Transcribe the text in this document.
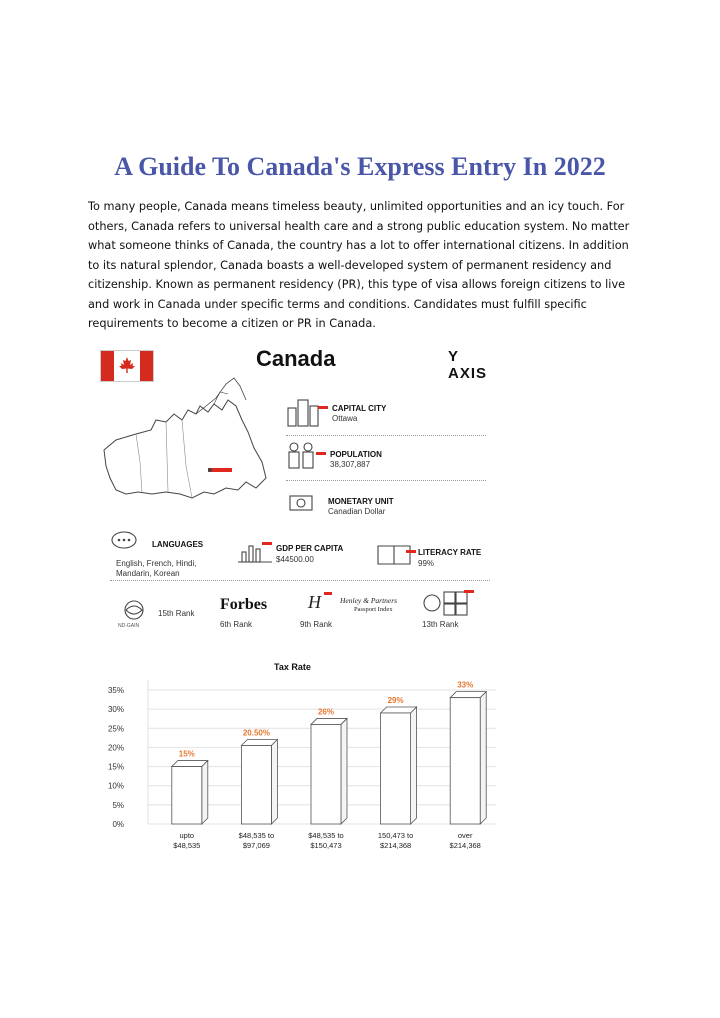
A Guide To Canada's Express Entry In 2022

To many people, Canada means timeless beauty, unlimited opportunities and an icy touch. For others, Canada refers to universal health care and a strong public education system. No matter what someone thinks of Canada, the country has a lot to offer international citizens. In addition to its natural splendor, Canada boasts a well-developed system of permanent residency and citizenship. Known as permanent residency (PR), this type of visa allows foreign citizens to live and work in Canada under specific terms and conditions. Candidates must fulfill specific requirements to become a citizen or PR in Canada.

Canada	Y AXIS
CAPITAL CITY
Ottawa
POPULATION
38,307,887
MONETARY UNIT
Canadian Dollar
LANGUAGES
English, French, Hindi,
Mandarin, Korean
GDP PER CAPITA
$44500.00
LITERACY RATE
99%
ND-GAIN
15th Rank
Forbes
6th Rank
H	Henley & Partners
Passport Index
9th Rank	13th Rank
Tax Rate
0%
5%
10%
15%
20%
25%
30%
35%
15%
upto
$48,535
20.50%
$48,535 to
$97,069
26%
$48,535 to
$150,473
29%
150,473 to
$214,368
33%
over
$214,368
